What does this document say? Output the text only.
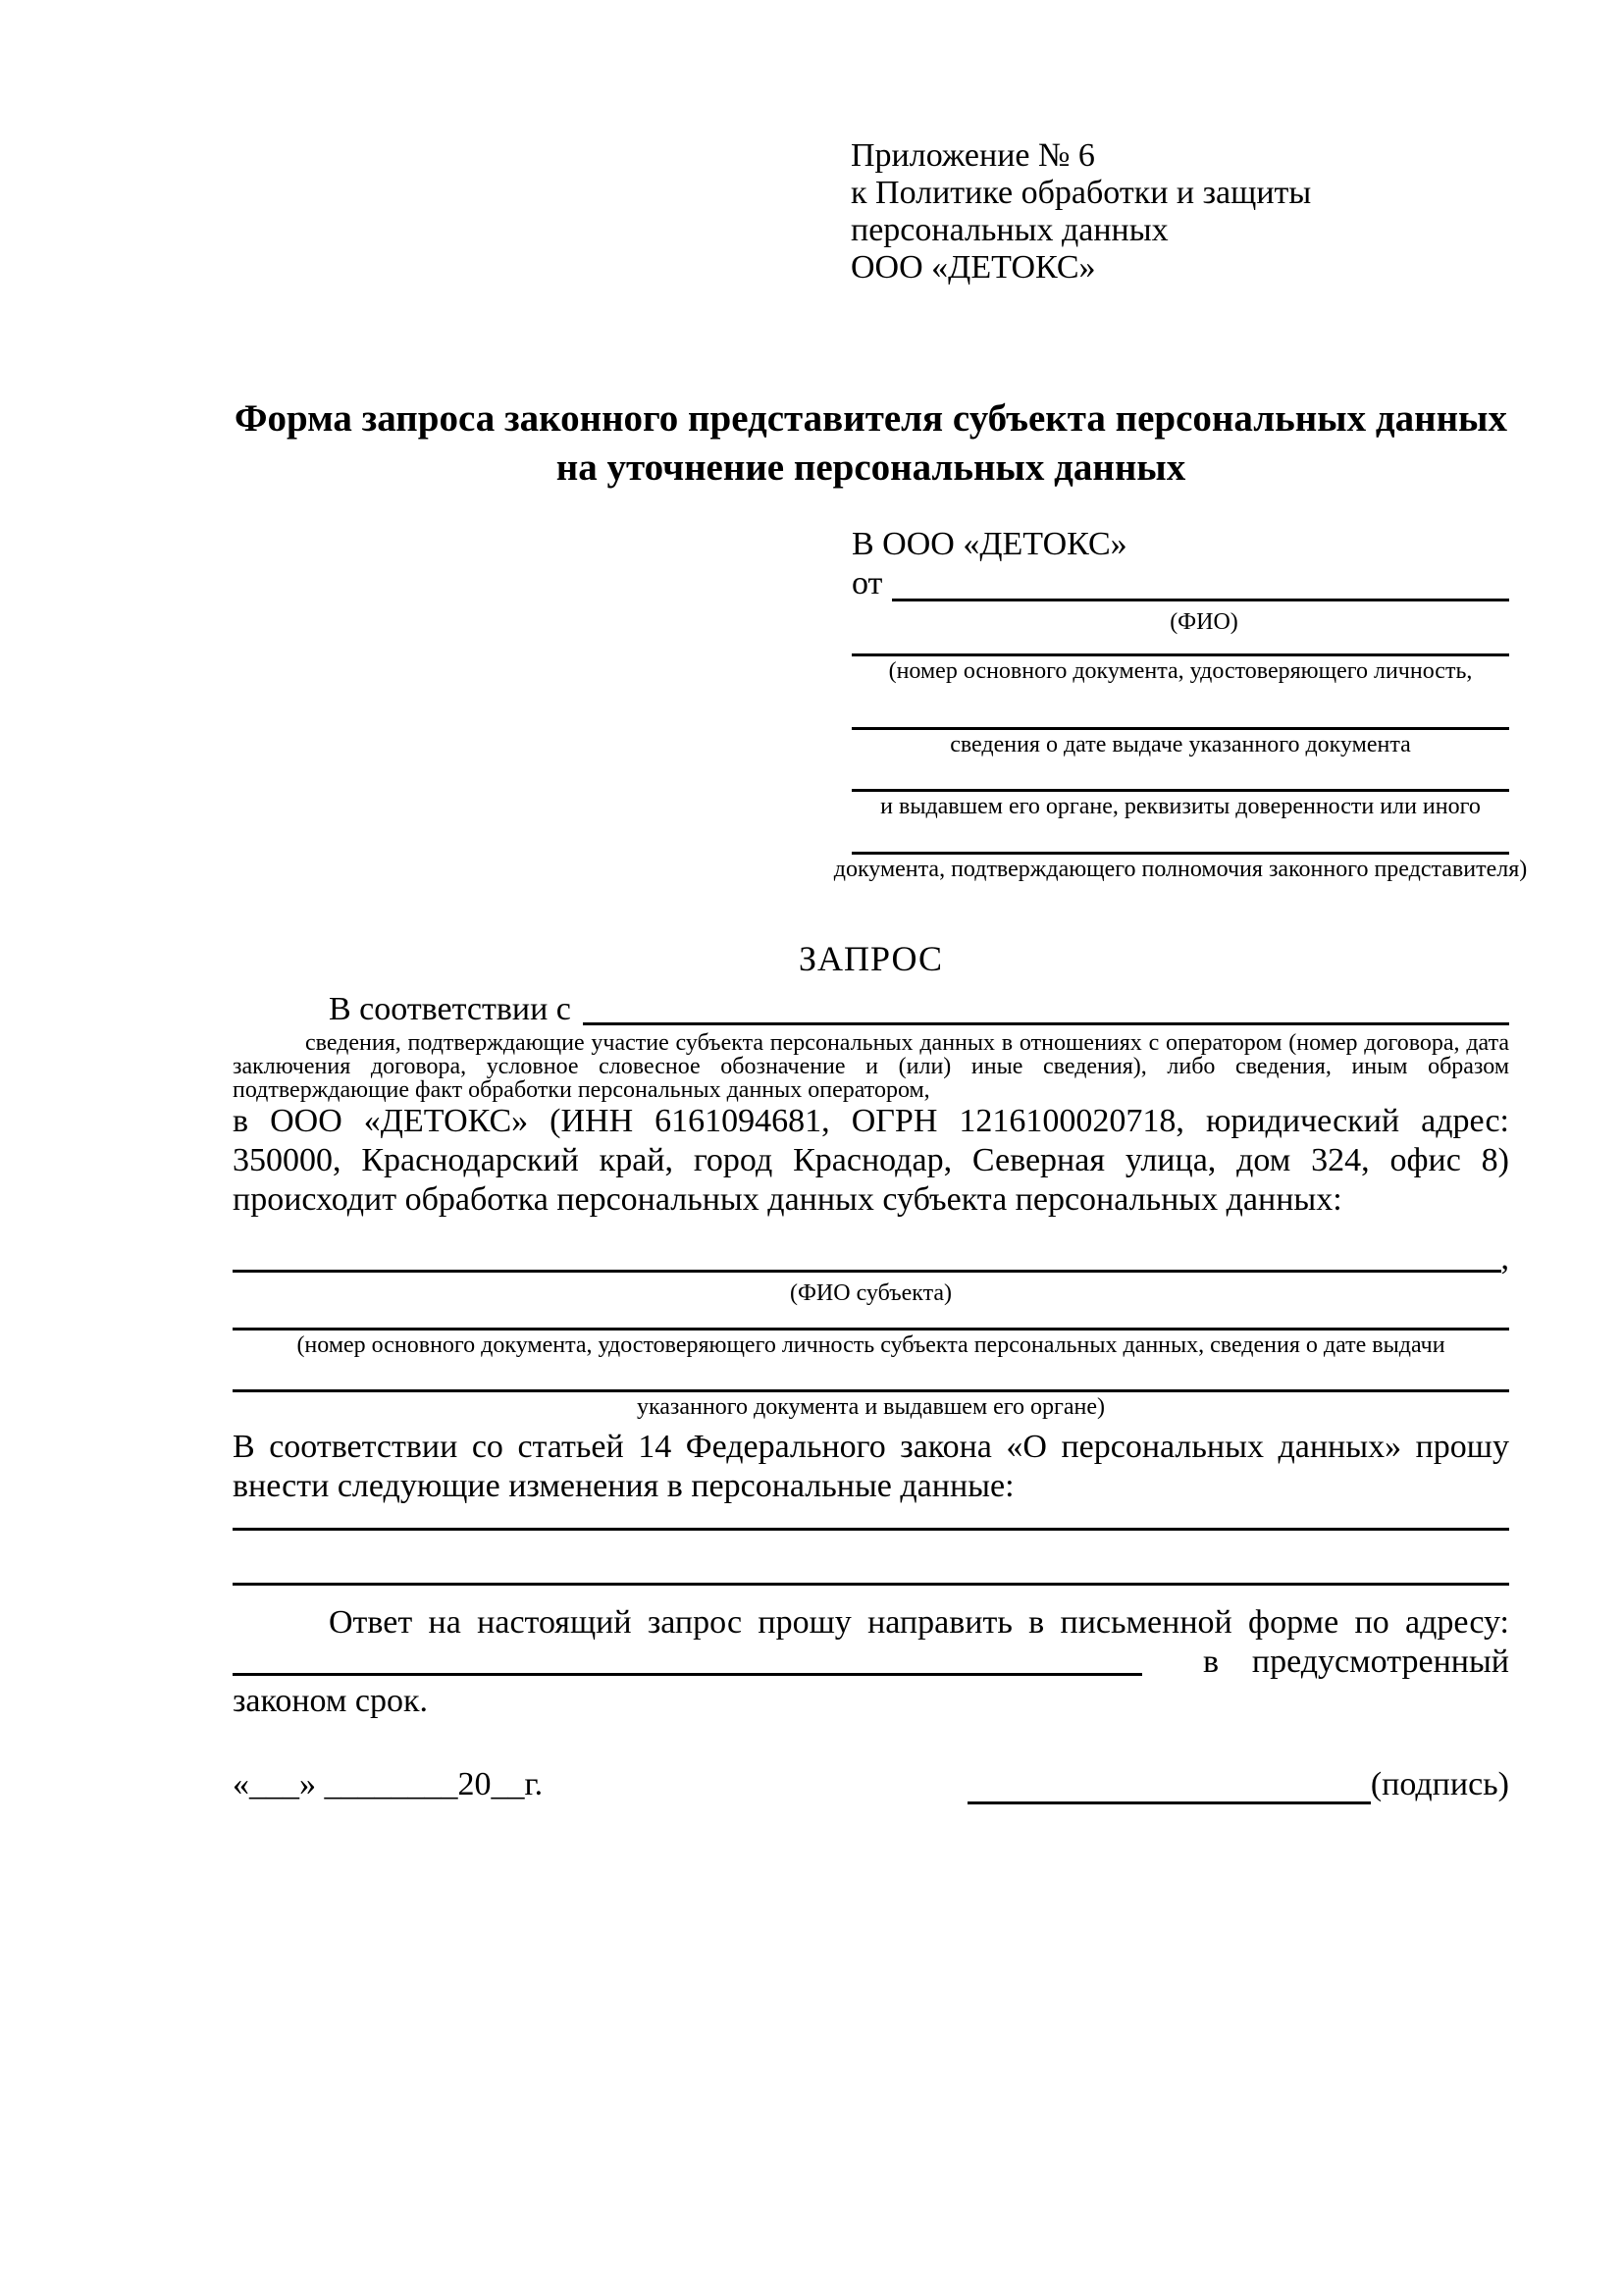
Приложение № 6
к Политике обработки и защиты
персональных данных
ООО «ДЕТОКС»
Форма запроса законного представителя субъекта персональных данных
на уточнение персональных данных
В ООО «ДЕТОКС»
от
(ФИО)
(номер основного документа, удостоверяющего личность,
сведения о дате выдаче указанного документа
и выдавшем его органе, реквизиты доверенности или иного
документа, подтверждающего полномочия законного представителя)
ЗАПРОС
В соответствии с
сведения, подтверждающие участие субъекта персональных данных в отношениях с оператором (номер договора, дата заключения договора, условное словесное обозначение и (или) иные сведения), либо сведения, иным образом подтверждающие факт обработки персональных данных оператором,
в ООО «ДЕТОКС» (ИНН 6161094681, ОГРН 1216100020718, юридический адрес: 350000, Краснодарский край, город Краснодар, Северная улица, дом 324, офис 8) происходит обработка персональных данных субъекта персональных данных:
,
(ФИО субъекта)
(номер основного документа, удостоверяющего личность субъекта персональных данных, сведения о дате выдачи
указанного документа и выдавшем его органе)
В соответствии со статьей 14 Федерального закона «О персональных данных» прошу внести следующие изменения в персональные данные:
Ответ на настоящий запрос прошу направить в письменной форме по адресу:
в предусмотренный
законом срок.
«___» ________20__г.	(подпись)
